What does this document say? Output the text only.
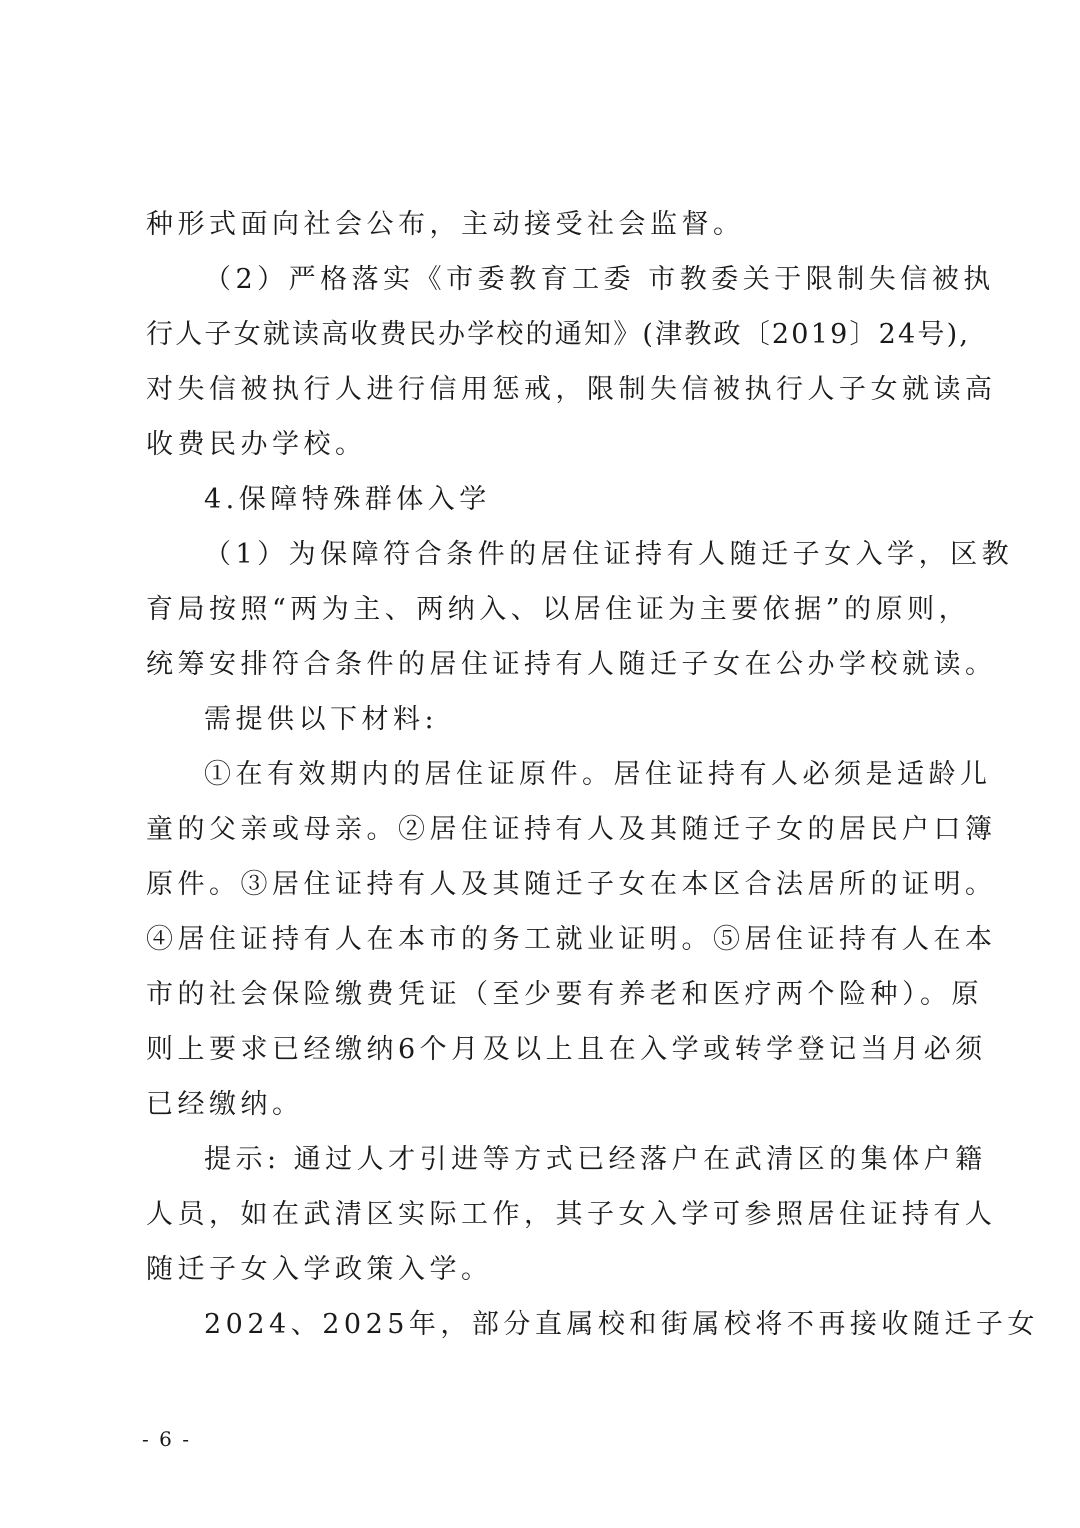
种形式面向社会公布，主动接受社会监督。
（2）严格落实《市委教育工委 市教委关于限制失信被执
行人子女就读高收费民办学校的通知》(津教政〔2019〕24号),
对失信被执行人进行信用惩戒，限制失信被执行人子女就读高
收费民办学校。
4.保障特殊群体入学
（1）为保障符合条件的居住证持有人随迁子女入学，区教
育局按照“两为主、两纳入、以居住证为主要依据”的原则，
统筹安排符合条件的居住证持有人随迁子女在公办学校就读。
需提供以下材料:
①在有效期内的居住证原件。居住证持有人必须是适龄儿
童的父亲或母亲。②居住证持有人及其随迁子女的居民户口簿
原件。③居住证持有人及其随迁子女在本区合法居所的证明。
④居住证持有人在本市的务工就业证明。⑤居住证持有人在本
市的社会保险缴费凭证（至少要有养老和医疗两个险种）。原
则上要求已经缴纳6个月及以上且在入学或转学登记当月必须
已经缴纳。
提示: 通过人才引进等方式已经落户在武清区的集体户籍
人员，如在武清区实际工作，其子女入学可参照居住证持有人
随迁子女入学政策入学。
2024、2025年，部分直属校和街属校将不再接收随迁子女
- 6 -
